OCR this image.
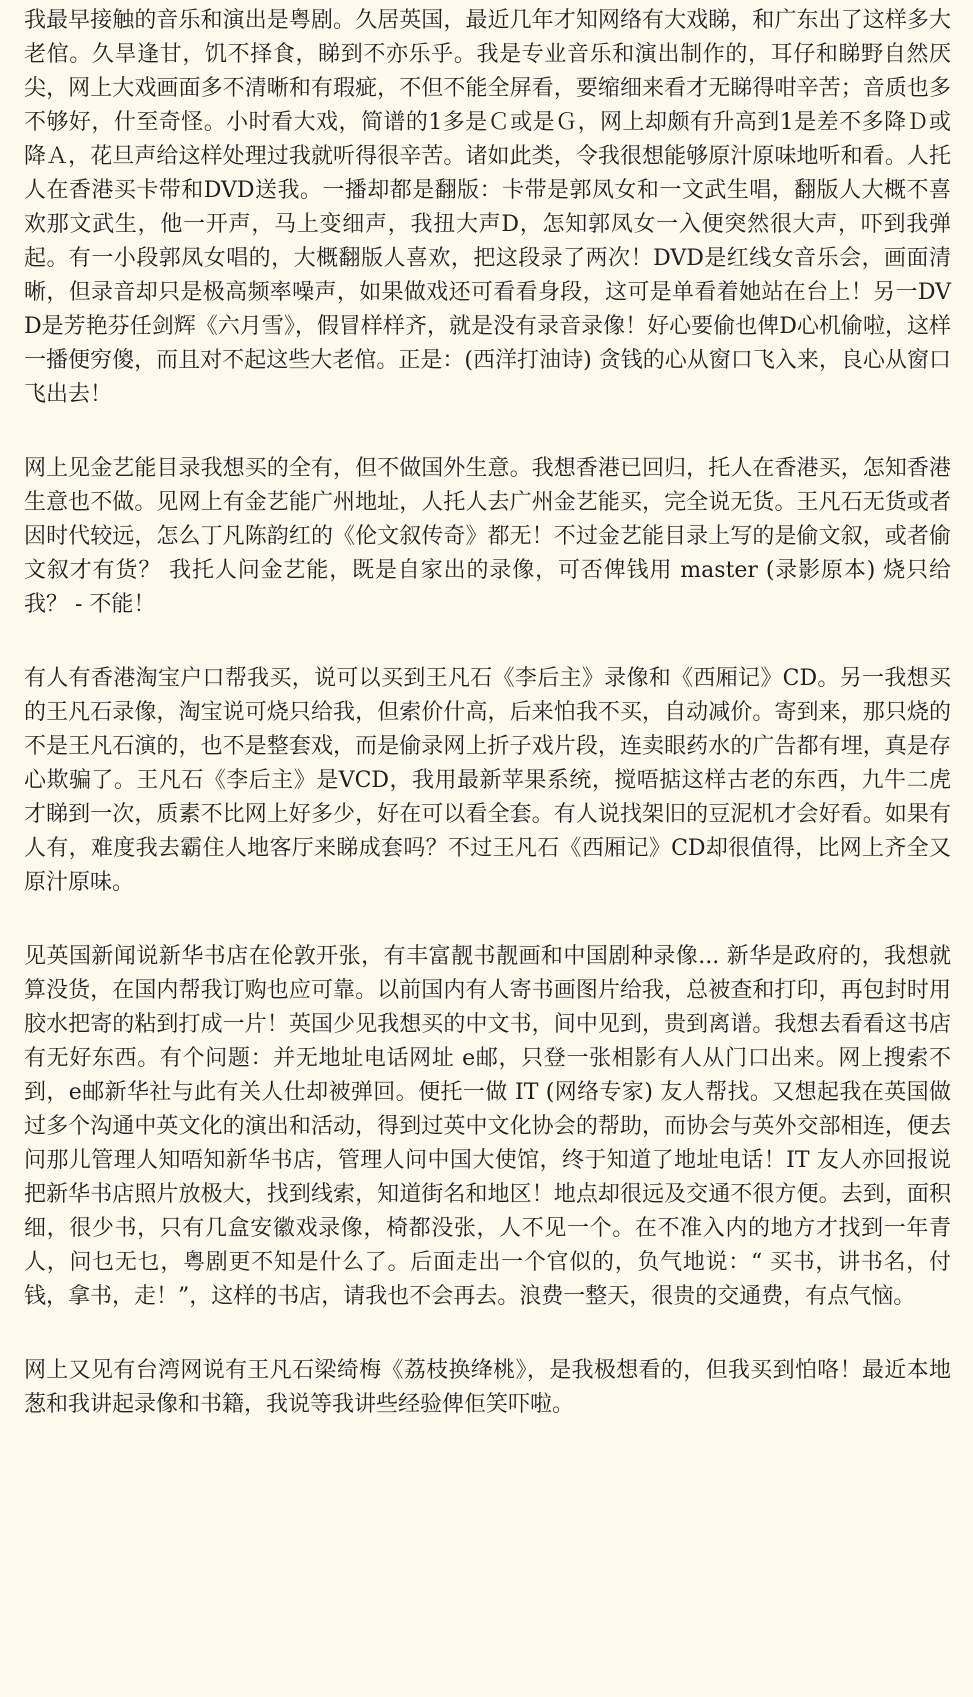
我最早接触的音乐和演出是粤剧。久居英国，最近几年才知网络有大戏睇，和广东出了这样多大老倌。久旱逢甘，饥不择食，睇到不亦乐乎。我是专业音乐和演出制作的，耳仔和睇野自然厌尖，网上大戏画面多不清晰和有瑕疵，不但不能全屏看，要缩细来看才无睇得咁辛苦；音质也多不够好，什至奇怪。小时看大戏，简谱的1多是Ｃ或是Ｇ，网上却颇有升高到1是差不多降Ｄ或降Ａ，花旦声给这样处理过我就听得很辛苦。诸如此类，令我很想能够原汁原味地听和看。人托人在香港买卡带和DVD送我。一播却都是翻版：卡带是郭凤女和一文武生唱，翻版人大概不喜欢那文武生，他一开声，马上变细声，我扭大声D，怎知郭凤女一入便突然很大声，吓到我弹起。有一小段郭凤女唱的，大概翻版人喜欢，把这段录了两次！DVD是红线女音乐会，画面清晰，但录音却只是极高频率噪声，如果做戏还可看看身段，这可是单看着她站在台上！另一DVD是芳艳芬任剑辉《六月雪》，假冒样样齐，就是没有录音录像！好心要偷也俾D心机偷啦，这样一播便穷傻，而且对不起这些大老倌。正是：(西洋打油诗) 贪钱的心从窗口飞入来，良心从窗口飞出去！

网上见金艺能目录我想买的全有，但不做国外生意。我想香港已回归，托人在香港买，怎知香港生意也不做。见网上有金艺能广州地址，人托人去广州金艺能买，完全说无货。王凡石无货或者因时代较远，怎么丁凡陈韵红的《伦文叙传奇》都无！不过金艺能目录上写的是偷文叙，或者偷文叙才有货？ 我托人问金艺能，既是自家出的录像，可否俾钱用 master (录影原本) 烧只给我？ - 不能！

有人有香港淘宝户口帮我买，说可以买到王凡石《李后主》录像和《西厢记》CD。另一我想买的王凡石录像，淘宝说可烧只给我，但索价什高，后来怕我不买，自动减价。寄到来，那只烧的不是王凡石演的，也不是整套戏，而是偷录网上折子戏片段，连卖眼药水的广告都有埋，真是存心欺骗了。王凡石《李后主》是VCD，我用最新苹果系统，搅唔掂这样古老的东西，九牛二虎才睇到一次，质素不比网上好多少，好在可以看全套。有人说找架旧的豆泥机才会好看。如果有人有，难度我去霸住人地客厅来睇成套吗？不过王凡石《西厢记》CD却很值得，比网上齐全又原汁原味。

见英国新闻说新华书店在伦敦开张，有丰富靓书靓画和中国剧种录像... 新华是政府的，我想就算没货，在国内帮我订购也应可靠。以前国内有人寄书画图片给我，总被查和打印，再包封时用胶水把寄的粘到打成一片！英国少见我想买的中文书，间中见到，贵到离谱。我想去看看这书店有无好东西。有个问题：并无地址电话网址 e邮，只登一张相影有人从门口出来。网上搜索不到，e邮新华社与此有关人仕却被弹回。便托一做 IT (网络专家) 友人帮找。又想起我在英国做过多个沟通中英文化的演出和活动，得到过英中文化协会的帮助，而协会与英外交部相连，便去问那儿管理人知唔知新华书店，管理人问中国大使馆，终于知道了地址电话！IT 友人亦回报说把新华书店照片放极大，找到线索，知道街名和地区！地点却很远及交通不很方便。去到，面积细，很少书，只有几盒安徽戏录像，椅都没张，人不见一个。在不准入内的地方才找到一年青人，问乜无乜，粤剧更不知是什么了。后面走出一个官似的，负气地说：“ 买书，讲书名，付钱，拿书，走！”，这样的书店，请我也不会再去。浪费一整天，很贵的交通费，有点气恼。

网上又见有台湾网说有王凡石梁绮梅《荔枝换绛桃》，是我极想看的，但我买到怕咯！最近本地葱和我讲起录像和书籍，我说等我讲些经验俾佢笑吓啦。
